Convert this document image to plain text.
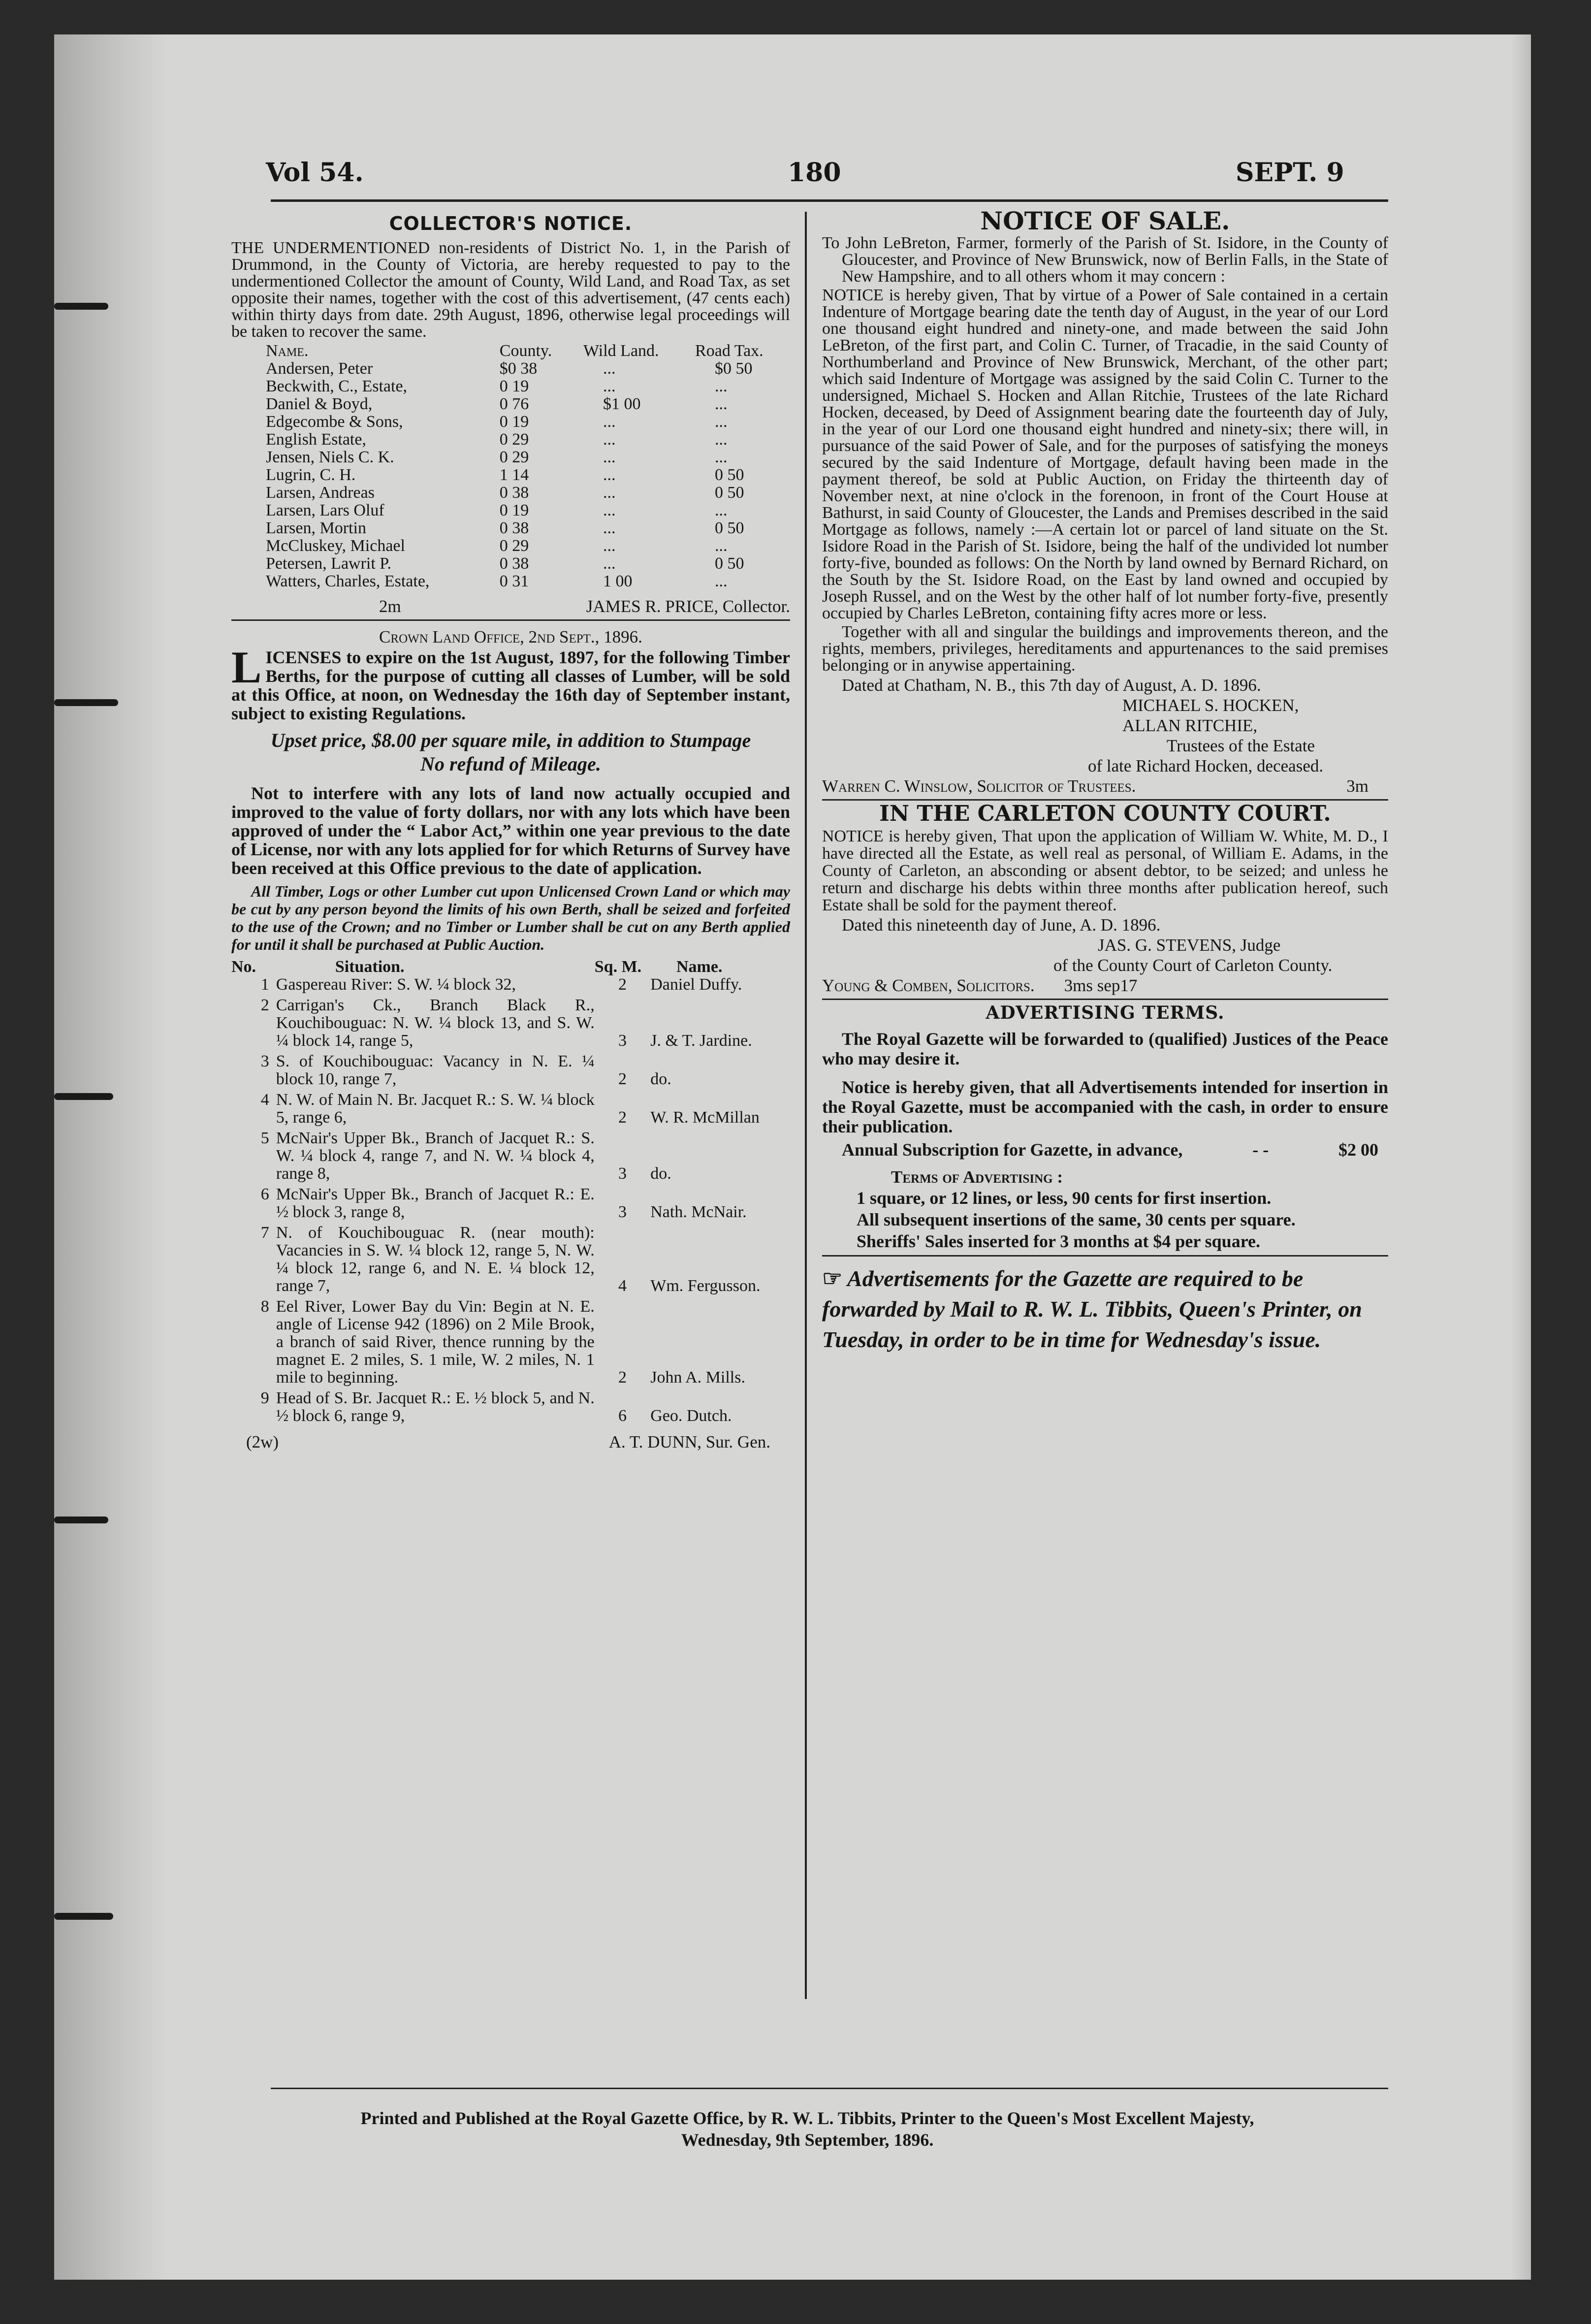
Vol 54.	180	SEPT. 9
COLLECTOR'S NOTICE.

THE UNDERMENTIONED non-residents of District No. 1, in the Parish of Drummond, in the County of Victoria, are hereby requested to pay to the undermentioned Collector the amount of County, Wild Land, and Road Tax, as set opposite their names, together with the cost of this advertisement, (47 cents each) within thirty days from date. 29th August, 1896, otherwise legal proceedings will be taken to recover the same.

Name.	County.	Wild Land.	Road Tax.
Andersen, Peter	$0 38	...	$0 50
Beckwith, C., Estate,	0 19	...	...
Daniel & Boyd,	0 76	$1 00	...
Edgecombe & Sons,	0 19	...	...
English Estate,	0 29	...	...
Jensen, Niels C. K.	0 29	...	...
Lugrin, C. H.	1 14	...	0 50
Larsen, Andreas	0 38	...	0 50
Larsen, Lars Oluf	0 19	...	...
Larsen, Mortin	0 38	...	0 50
McCluskey, Michael	0 29	...	...
Petersen, Lawrit P.	0 38	...	0 50
Watters, Charles, Estate,	0 31	1 00	...
2m	JAMES R. PRICE, Collector.

Crown Land Office, 2nd Sept., 1896.

LICENSES to expire on the 1st August, 1897, for the following Timber Berths, for the purpose of cutting all classes of Lumber, will be sold at this Office, at noon, on Wednesday the 16th day of September instant, subject to existing Regulations.

Upset price, $8.00 per square mile, in addition to Stumpage

No refund of Mileage.

Not to interfere with any lots of land now actually occupied and improved to the value of forty dollars, nor with any lots which have been approved of under the “ Labor Act,” within one year previous to the date of License, nor with any lots applied for for which Returns of Survey have been received at this Office previous to the date of application.

All Timber, Logs or other Lumber cut upon Unlicensed Crown Land or which may be cut by any person beyond the limits of his own Berth, shall be seized and forfeited to the use of the Crown; and no Timber or Lumber shall be cut on any Berth applied for until it shall be purchased at Public Auction.

No.	Situation.	Sq. M.	Name.
1	Gaspereau River: S. W. ¼ block 32,	2	Daniel Duffy.
2	Carrigan's Ck., Branch Black R., Kouchibouguac: N. W. ¼ block 13, and S. W. ¼ block 14, range 5,	3	J. & T. Jardine.
3	S. of Kouchibouguac: Vacancy in N. E. ¼ block 10, range 7,	2	do.
4	N. W. of Main N. Br. Jacquet R.: S. W. ¼ block 5, range 6,	2	W. R. McMillan
5	McNair's Upper Bk., Branch of Jacquet R.: S. W. ¼ block 4, range 7, and N. W. ¼ block 4, range 8,	3	do.
6	McNair's Upper Bk., Branch of Jacquet R.: E. ½ block 3, range 8,	3	Nath. McNair.
7	N. of Kouchibouguac R. (near mouth): Vacancies in S. W. ¼ block 12, range 5, N. W. ¼ block 12, range 6, and N. E. ¼ block 12, range 7,	4	Wm. Fergusson.
8	Eel River, Lower Bay du Vin: Begin at N. E. angle of License 942 (1896) on 2 Mile Brook, a branch of said River, thence running by the magnet E. 2 miles, S. 1 mile, W. 2 miles, N. 1 mile to beginning.	2	John A. Mills.
9	Head of S. Br. Jacquet R.: E. ½ block 5, and N. ½ block 6, range 9,	6	Geo. Dutch.
(2w)	A. T. DUNN, Sur. Gen.
NOTICE OF SALE.

To John LeBreton, Farmer, formerly of the Parish of St. Isidore, in the County of Gloucester, and Province of New Brunswick, now of Berlin Falls, in the State of New Hampshire, and to all others whom it may concern :

NOTICE is hereby given, That by virtue of a Power of Sale contained in a certain Indenture of Mortgage bearing date the tenth day of August, in the year of our Lord one thousand eight hundred and ninety-one, and made between the said John LeBreton, of the first part, and Colin C. Turner, of Tracadie, in the said County of Northumberland and Province of New Brunswick, Merchant, of the other part; which said Indenture of Mortgage was assigned by the said Colin C. Turner to the undersigned, Michael S. Hocken and Allan Ritchie, Trustees of the late Richard Hocken, deceased, by Deed of Assignment bearing date the fourteenth day of July, in the year of our Lord one thousand eight hundred and ninety-six; there will, in pursuance of the said Power of Sale, and for the purposes of satisfying the moneys secured by the said Indenture of Mortgage, default having been made in the payment thereof, be sold at Public Auction, on Friday the thirteenth day of November next, at nine o'clock in the forenoon, in front of the Court House at Bathurst, in said County of Gloucester, the Lands and Premises described in the said Mortgage as follows, namely :—A certain lot or parcel of land situate on the St. Isidore Road in the Parish of St. Isidore, being the half of the undivided lot number forty-five, bounded as follows: On the North by land owned by Bernard Richard, on the South by the St. Isidore Road, on the East by land owned and occupied by Joseph Russel, and on the West by the other half of lot number forty-five, presently occupied by Charles LeBreton, containing fifty acres more or less.

Together with all and singular the buildings and improvements thereon, and the rights, members, privileges, hereditaments and appurtenances to the said premises belonging or in anywise appertaining.

Dated at Chatham, N. B., this 7th day of August, A. D. 1896.

MICHAEL S. HOCKEN,

ALLAN RITCHIE,

Trustees of the Estate

of late Richard Hocken, deceased.

Warren C. Winslow, Solicitor of Trustees.	3m
IN THE CARLETON COUNTY COURT.

NOTICE is hereby given, That upon the application of William W. White, M. D., I have directed all the Estate, as well real as personal, of William E. Adams, in the County of Carleton, an absconding or absent debtor, to be seized; and unless he return and discharge his debts within three months after publication hereof, such Estate shall be sold for the payment thereof.

Dated this nineteenth day of June, A. D. 1896.

JAS. G. STEVENS, Judge

of the County Court of Carleton County.

Young & Comben, Solicitors.	3ms sep17
ADVERTISING TERMS.

The Royal Gazette will be forwarded to (qualified) Justices of the Peace who may desire it.

Notice is hereby given, that all Advertisements intended for insertion in the Royal Gazette, must be accompanied with the cash, in order to ensure their publication.

Annual Subscription for Gazette, in advance,	- -	$2 00

Terms of Advertising :

1 square, or 12 lines, or less, 90 cents for first insertion.

All subsequent insertions of the same, 30 cents per square.

Sheriffs' Sales inserted for 3 months at $4 per square.

☞ Advertisements for the Gazette are required to be forwarded by Mail to R. W. L. Tibbits, Queen's Printer, on Tuesday, in order to be in time for Wednesday's issue.

Printed and Published at the Royal Gazette Office, by R. W. L. Tibbits, Printer to the Queen's Most Excellent Majesty,
Wednesday, 9th September, 1896.
